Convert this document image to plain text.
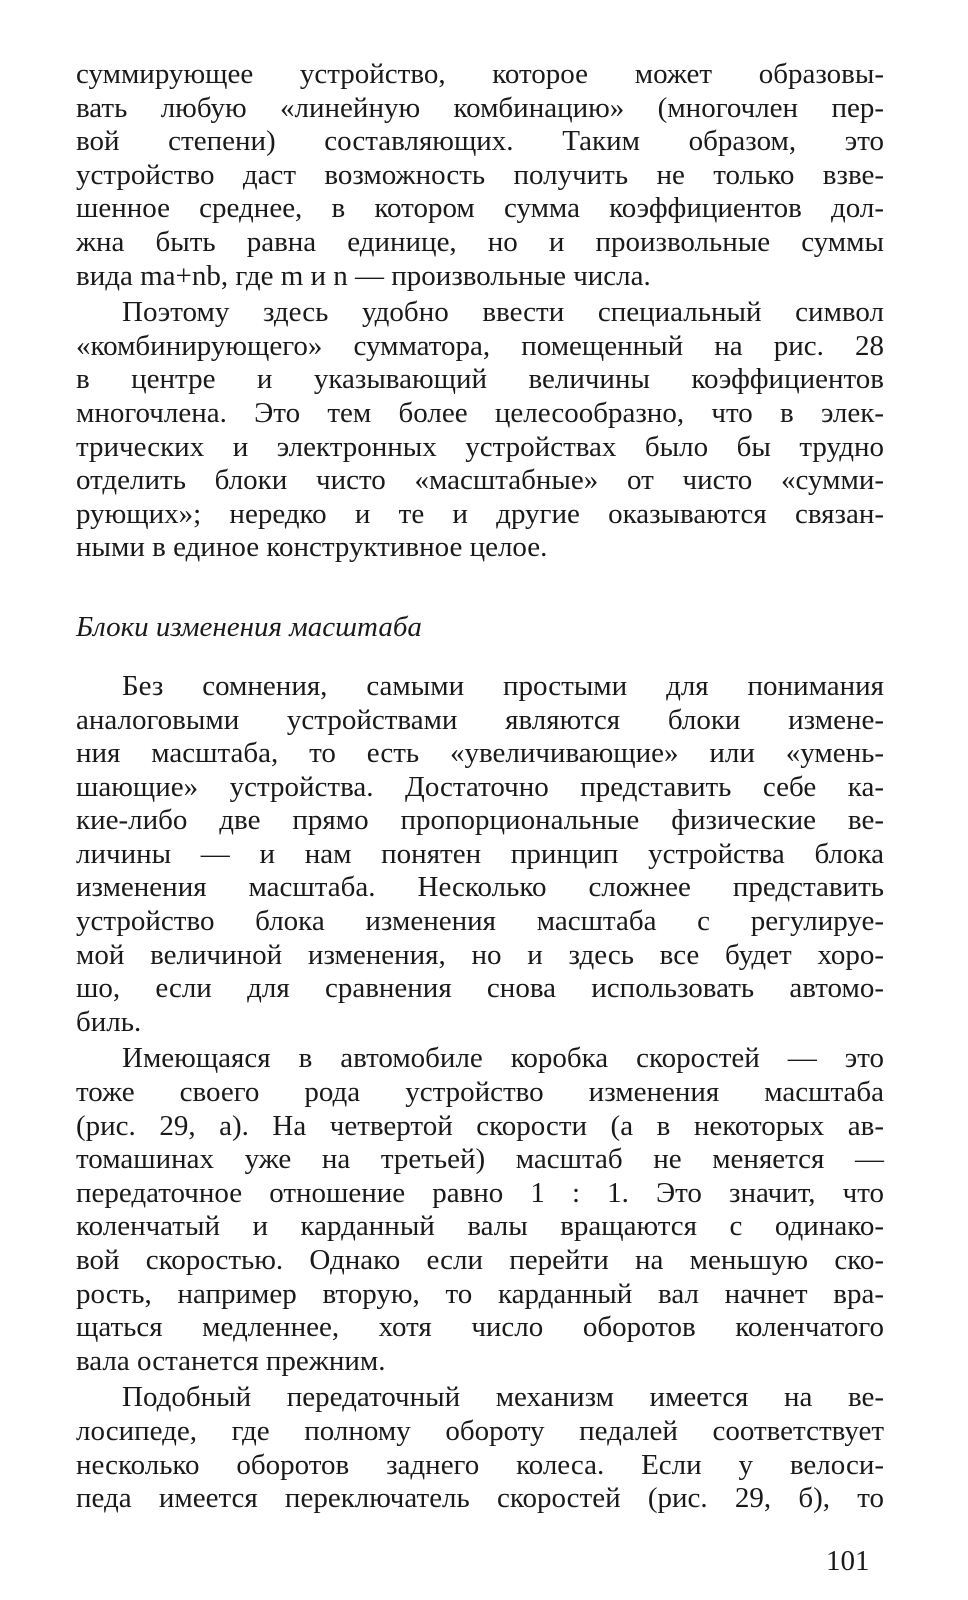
суммирующее устройство, которое может образовы-
вать любую «линейную комбинацию» (многочлен пер-
вой степени) составляющих. Таким образом, это
устройство даст возможность получить не только взве-
шенное среднее, в котором сумма коэффициентов дол-
жна быть равна единице, но и произвольные суммы
вида ma+nb, где m и n — произвольные числа.
Поэтому здесь удобно ввести специальный символ
«комбинирующего» сумматора, помещенный на рис. 28
в центре и указывающий величины коэффициентов
многочлена. Это тем более целесообразно, что в элек-
трических и электронных устройствах было бы трудно
отделить блоки чисто «масштабные» от чисто «сумми-
рующих»; нередко и те и другие оказываются связан-
ными в единое конструктивное целое.
Блоки изменения масштаба
Без сомнения, самыми простыми для понимания
аналоговыми устройствами являются блоки измене-
ния масштаба, то есть «увеличивающие» или «умень-
шающие» устройства. Достаточно представить себе ка-
кие-либо две прямо пропорциональные физические ве-
личины — и нам понятен принцип устройства блока
изменения масштаба. Несколько сложнее представить
устройство блока изменения масштаба с регулируе-
мой величиной изменения, но и здесь все будет хоро-
шо, если для сравнения снова использовать автомо-
биль.
Имеющаяся в автомобиле коробка скоростей — это
тоже своего рода устройство изменения масштаба
(рис. 29, а). На четвертой скорости (а в некоторых ав-
томашинах уже на третьей) масштаб не меняется —
передаточное отношение равно 1 : 1. Это значит, что
коленчатый и карданный валы вращаются с одинако-
вой скоростью. Однако если перейти на меньшую ско-
рость, например вторую, то карданный вал начнет вра-
щаться медленнее, хотя число оборотов коленчатого
вала останется прежним.
Подобный передаточный механизм имеется на ве-
лосипеде, где полному обороту педалей соответствует
несколько оборотов заднего колеса. Если у велоси-
педа имеется переключатель скоростей (рис. 29, б), то
101
